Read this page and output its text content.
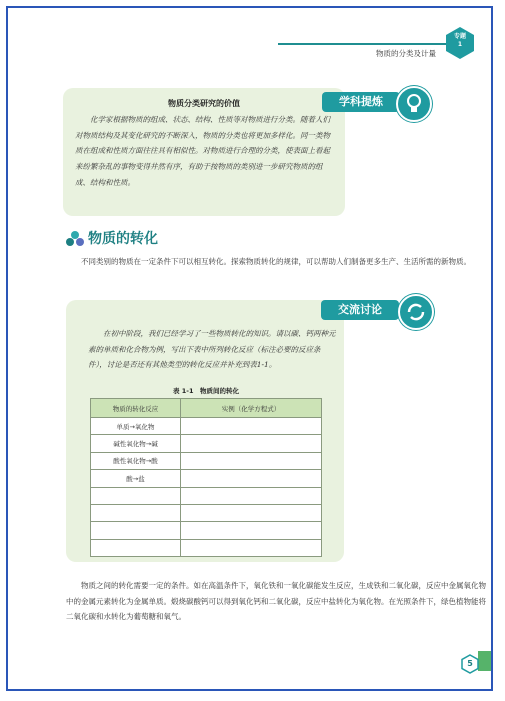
物质的分类及计量
专题
1
物质分类研究的价值
化学家根据物质的组成、状态、结构、性质等对物质进行分类。随着人们对物质结构及其变化研究的不断深入，物质的分类也将更加多样化。同一类物质在组成和性质方面往往具有相似性。对物质进行合理的分类，使表面上看起来纷繁杂乱的事物变得井然有序，有助于按物质的类别进一步研究物质的组成、结构和性质。
学科提炼
物质的转化
不同类别的物质在一定条件下可以相互转化。探索物质转化的规律，可以帮助人们制备更多生产、生活所需的新物质。
在初中阶段，我们已经学习了一些物质转化的知识。请以碳、钙两种元素的单质和化合物为例，写出下表中所列转化反应（标注必要的反应条件），讨论是否还有其他类型的转化反应并补充到表1-1。
交流讨论
表 1-1　物质间的转化
物质的转化反应	实例（化学方程式）
单质→氧化物	
碱性氧化物→碱	
酸性氧化物→酸	
酸→盐	

物质之间的转化需要一定的条件。如在高温条件下，氧化铁和一氧化碳能发生反应，生成铁和二氧化碳，反应中金属氧化物中的金属元素转化为金属单质。煅烧碳酸钙可以得到氧化钙和二氧化碳，反应中盐转化为氧化物。在光照条件下，绿色植物能将二氧化碳和水转化为葡萄糖和氧气。
5
